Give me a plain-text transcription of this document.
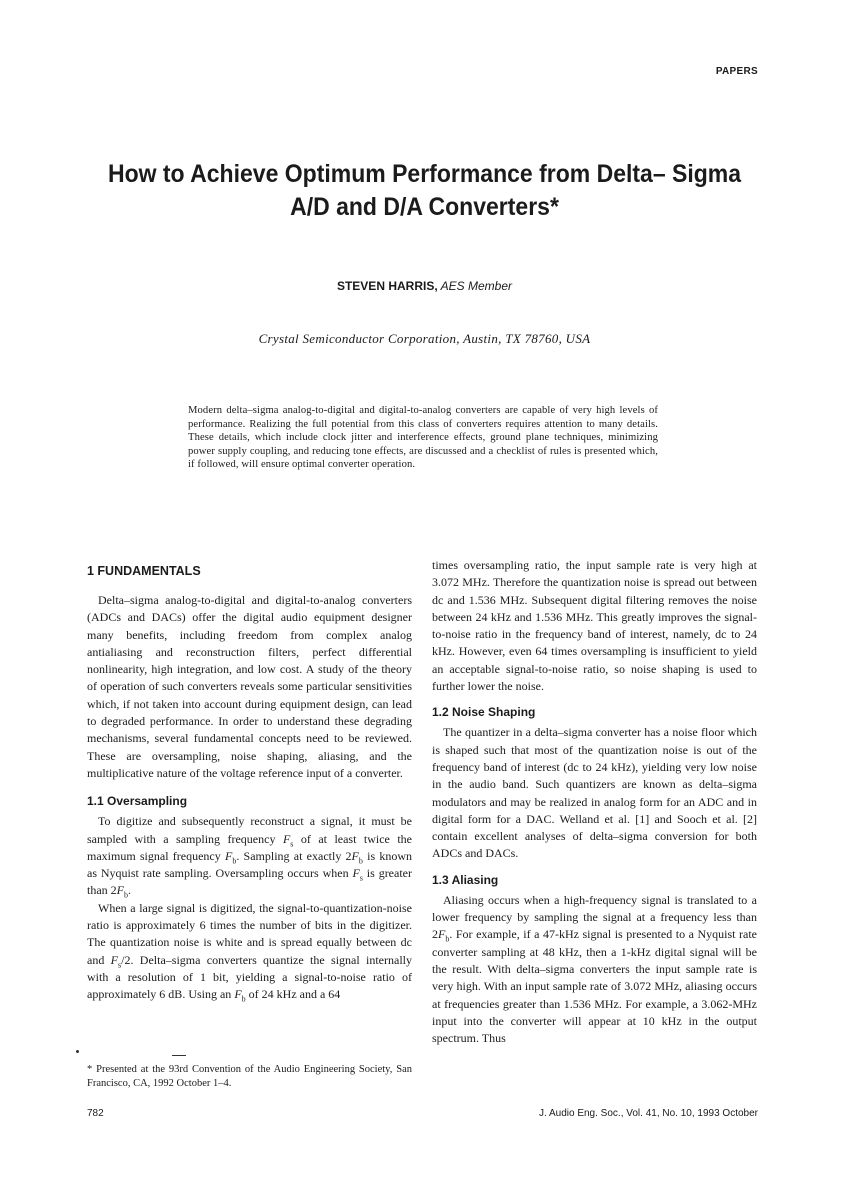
PAPERS
How to Achieve Optimum Performance from Delta– Sigma A/D and D/A Converters*
STEVEN HARRIS, AES Member
Crystal Semiconductor Corporation, Austin, TX 78760, USA

Modern delta–sigma analog-to-digital and digital-to-analog converters are capable of very high levels of performance. Realizing the full potential from this class of converters requires attention to many details. These details, which include clock jitter and interference effects, ground plane techniques, minimizing power supply coupling, and reducing tone effects, are discussed and a checklist of rules is presented which, if followed, will ensure optimal converter operation.

1 FUNDAMENTALS

Delta–sigma analog-to-digital and digital-to-analog converters (ADCs and DACs) offer the digital audio equipment designer many benefits, including freedom from complex analog antialiasing and reconstruction filters, perfect differential nonlinearity, high integration, and low cost. A study of the theory of operation of such converters reveals some particular sensitivities which, if not taken into account during equipment design, can lead to degraded performance. In order to understand these degrading mechanisms, several fundamental concepts need to be reviewed. These are oversampling, noise shaping, aliasing, and the multiplicative nature of the voltage reference input of a converter.

1.1 Oversampling

To digitize and subsequently reconstruct a signal, it must be sampled with a sampling frequency $F_s$ of at least twice the maximum signal frequency $F_b$. Sampling at exactly $2F_b$ is known as Nyquist rate sampling. Oversampling occurs when $F_s$ is greater than $2F_b$.

When a large signal is digitized, the signal-to-quantization-noise ratio is approximately 6 times the number of bits in the digitizer. The quantization noise is white and is spread equally between dc and $F_s/2$. Delta–sigma converters quantize the signal internally with a resolution of 1 bit, yielding a signal-to-noise ratio of approximately 6 dB. Using an $F_b$ of 24 kHz and a 64

* Presented at the 93rd Convention of the Audio Engineering Society, San Francisco, CA, 1992 October 1–4.

times oversampling ratio, the input sample rate is very high at 3.072 MHz. Therefore the quantization noise is spread out between dc and 1.536 MHz. Subsequent digital filtering removes the noise between 24 kHz and 1.536 MHz. This greatly improves the signal-to-noise ratio in the frequency band of interest, namely, dc to 24 kHz. However, even 64 times oversampling is insufficient to yield an acceptable signal-to-noise ratio, so noise shaping is used to further lower the noise.

1.2 Noise Shaping

The quantizer in a delta–sigma converter has a noise floor which is shaped such that most of the quantization noise is out of the frequency band of interest (dc to 24 kHz), yielding very low noise in the audio band. Such quantizers are known as delta–sigma modulators and may be realized in analog form for an ADC and in digital form for a DAC. Welland et al. [1] and Sooch et al. [2] contain excellent analyses of delta–sigma conversion for both ADCs and DACs.

1.3 Aliasing

Aliasing occurs when a high-frequency signal is translated to a lower frequency by sampling the signal at a frequency less than $2F_b$. For example, if a 47-kHz signal is presented to a Nyquist rate converter sampling at 48 kHz, then a 1-kHz digital signal will be the result. With delta–sigma converters the input sample rate is very high. With an input sample rate of 3.072 MHz, aliasing occurs at frequencies greater than 1.536 MHz. For example, a 3.062-MHz input into the converter will appear at 10 kHz in the output spectrum. Thus

782	J. Audio Eng. Soc., Vol. 41, No. 10, 1993 October
